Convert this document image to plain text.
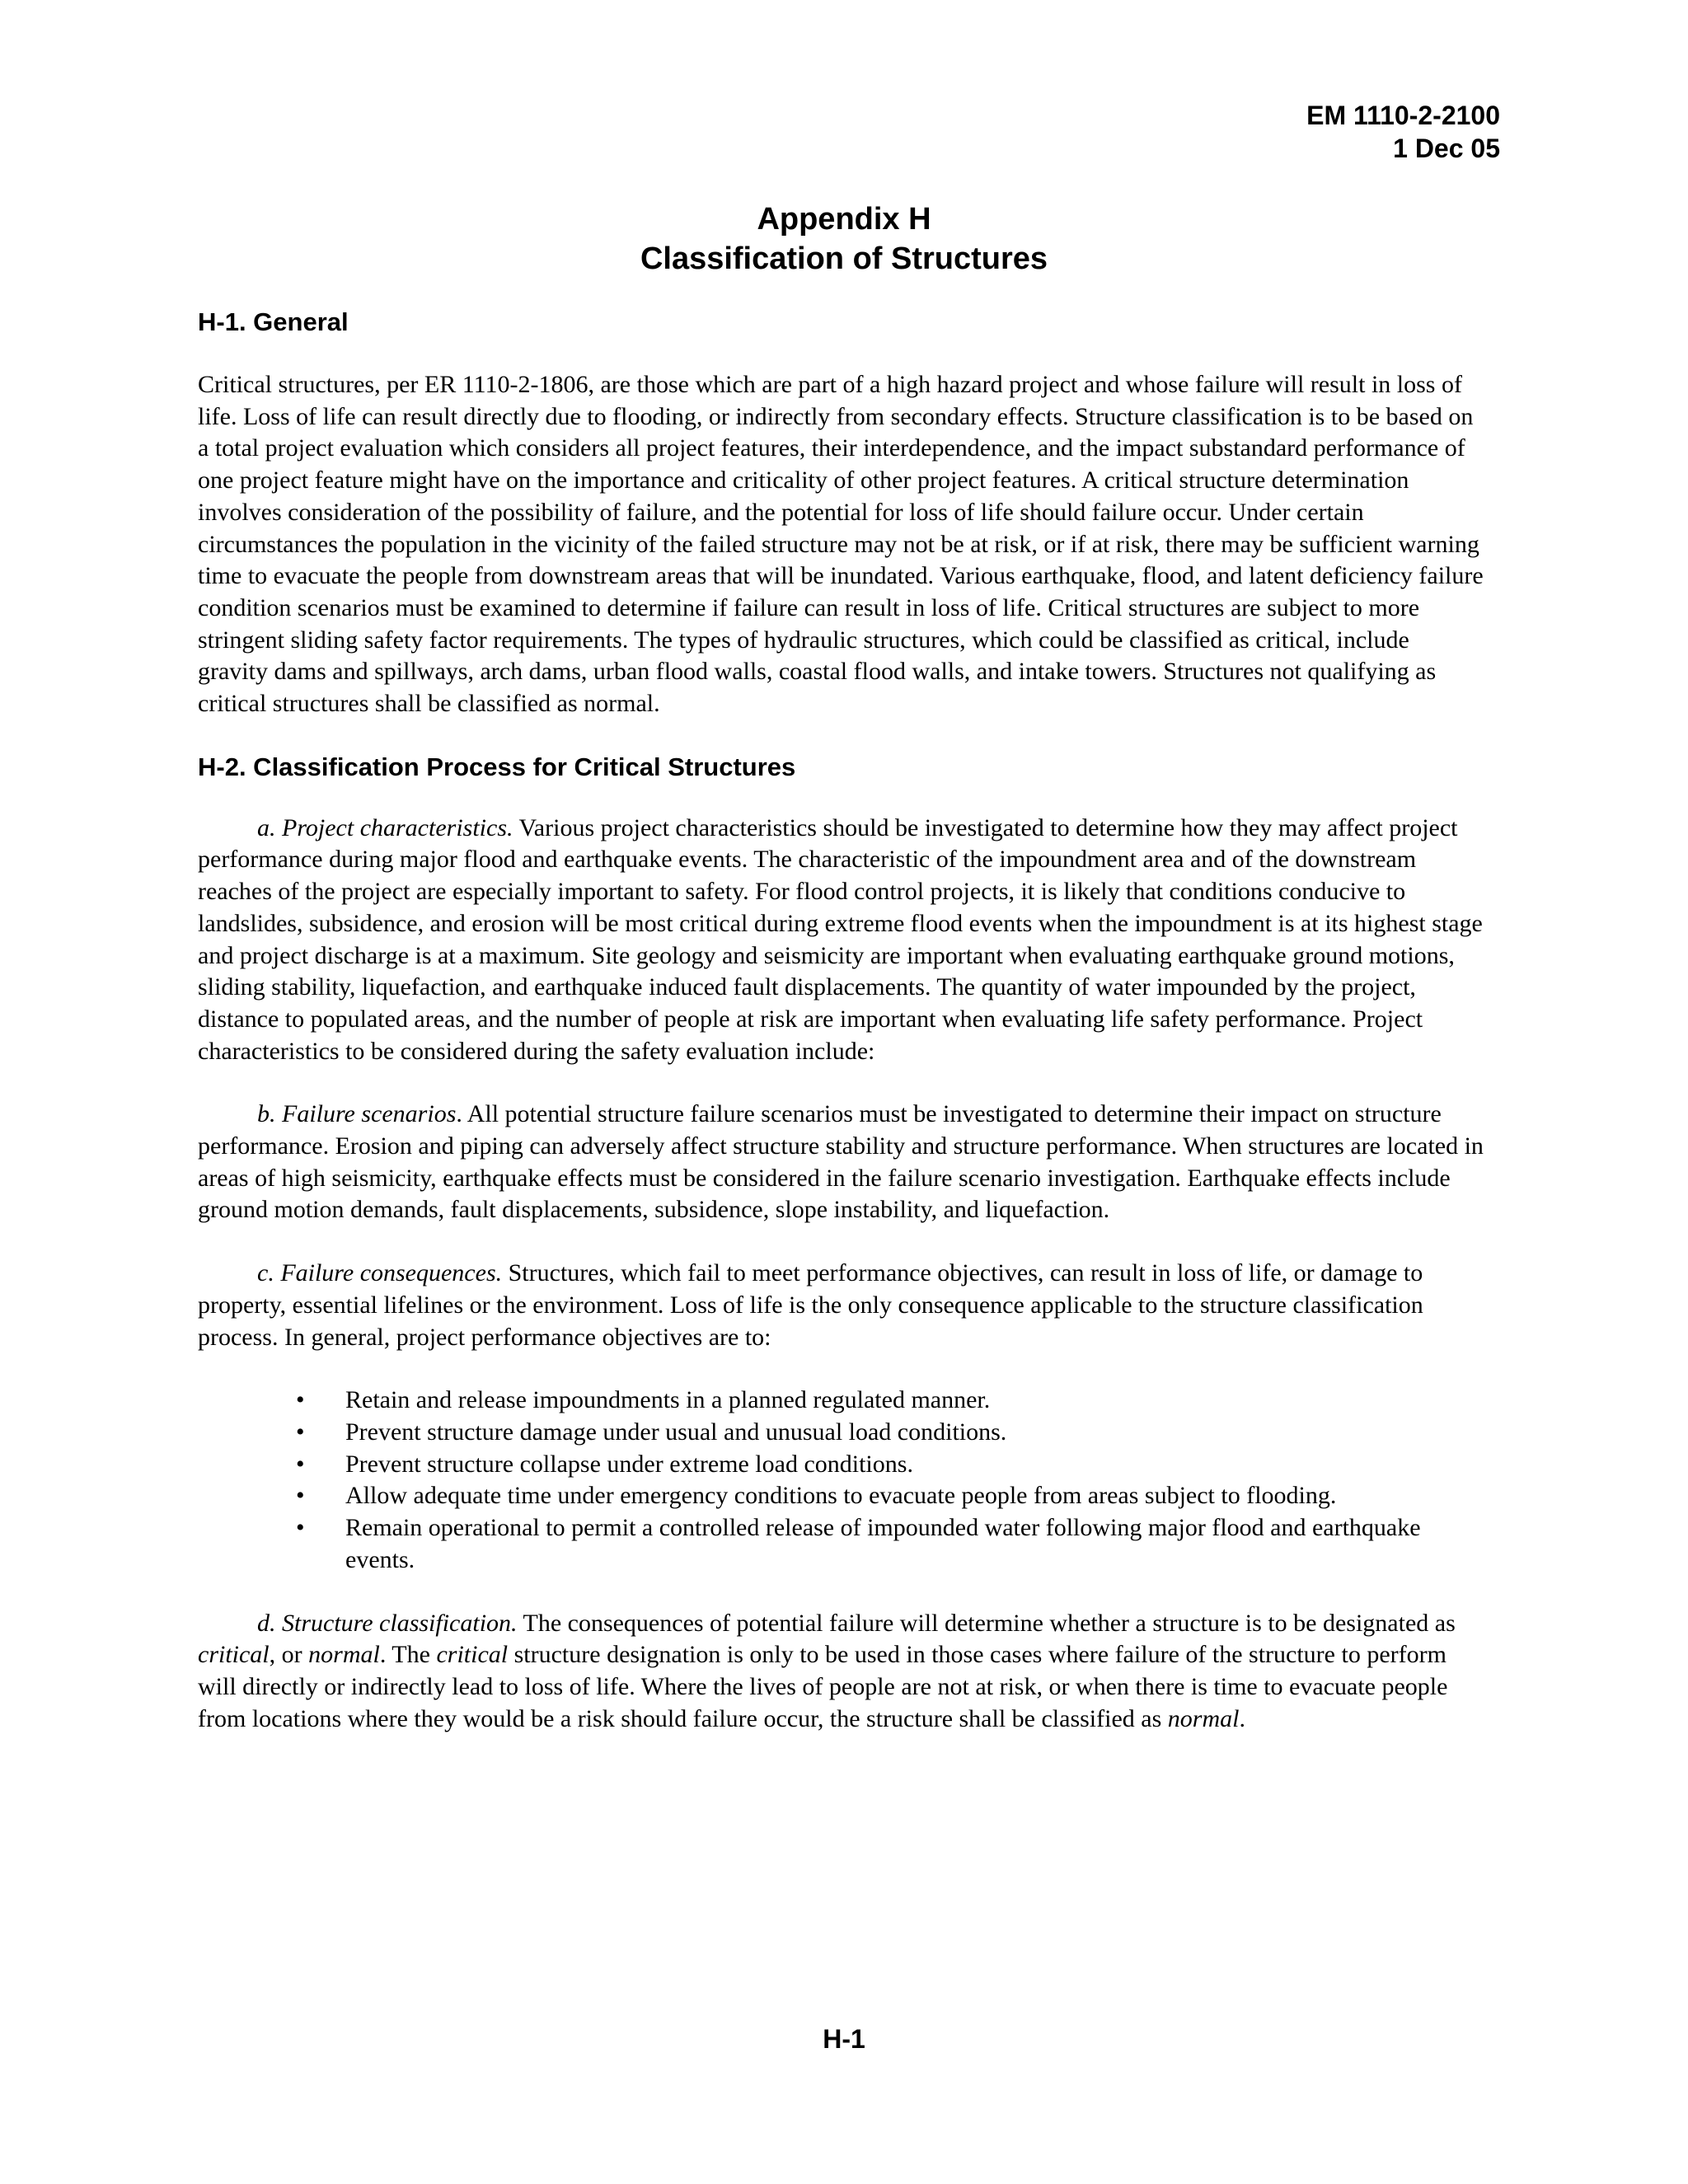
EM 1110-2-2100
1 Dec 05
Appendix H
Classification of Structures
H-1. General

Critical structures, per ER 1110-2-1806, are those which are part of a high hazard project and whose failure will result in loss of life. Loss of life can result directly due to flooding, or indirectly from secondary effects. Structure classification is to be based on a total project evaluation which considers all project features, their interdependence, and the impact substandard performance of one project feature might have on the importance and criticality of other project features. A critical structure determination involves consideration of the possibility of failure, and the potential for loss of life should failure occur. Under certain circumstances the population in the vicinity of the failed structure may not be at risk, or if at risk, there may be sufficient warning time to evacuate the people from downstream areas that will be inundated. Various earthquake, flood, and latent deficiency failure condition scenarios must be examined to determine if failure can result in loss of life. Critical structures are subject to more stringent sliding safety factor requirements. The types of hydraulic structures, which could be classified as critical, include gravity dams and spillways, arch dams, urban flood walls, coastal flood walls, and intake towers. Structures not qualifying as critical structures shall be classified as normal.

H-2. Classification Process for Critical Structures

a. Project characteristics. Various project characteristics should be investigated to determine how they may affect project performance during major flood and earthquake events. The characteristic of the impoundment area and of the downstream reaches of the project are especially important to safety. For flood control projects, it is likely that conditions conducive to landslides, subsidence, and erosion will be most critical during extreme flood events when the impoundment is at its highest stage and project discharge is at a maximum. Site geology and seismicity are important when evaluating earthquake ground motions, sliding stability, liquefaction, and earthquake induced fault displacements. The quantity of water impounded by the project, distance to populated areas, and the number of people at risk are important when evaluating life safety performance. Project characteristics to be considered during the safety evaluation include:

b. Failure scenarios. All potential structure failure scenarios must be investigated to determine their impact on structure performance. Erosion and piping can adversely affect structure stability and structure performance. When structures are located in areas of high seismicity, earthquake effects must be considered in the failure scenario investigation. Earthquake effects include ground motion demands, fault displacements, subsidence, slope instability, and liquefaction.

c. Failure consequences. Structures, which fail to meet performance objectives, can result in loss of life, or damage to property, essential lifelines or the environment. Loss of life is the only consequence applicable to the structure classification process. In general, project performance objectives are to:

• Retain and release impoundments in a planned regulated manner.
• Prevent structure damage under usual and unusual load conditions.
• Prevent structure collapse under extreme load conditions.
• Allow adequate time under emergency conditions to evacuate people from areas subject to flooding.
• Remain operational to permit a controlled release of impounded water following major flood and earthquake events.

d. Structure classification. The consequences of potential failure will determine whether a structure is to be designated as critical, or normal. The critical structure designation is only to be used in those cases where failure of the structure to perform will directly or indirectly lead to loss of life. Where the lives of people are not at risk, or when there is time to evacuate people from locations where they would be a risk should failure occur, the structure shall be classified as normal.

H-1
